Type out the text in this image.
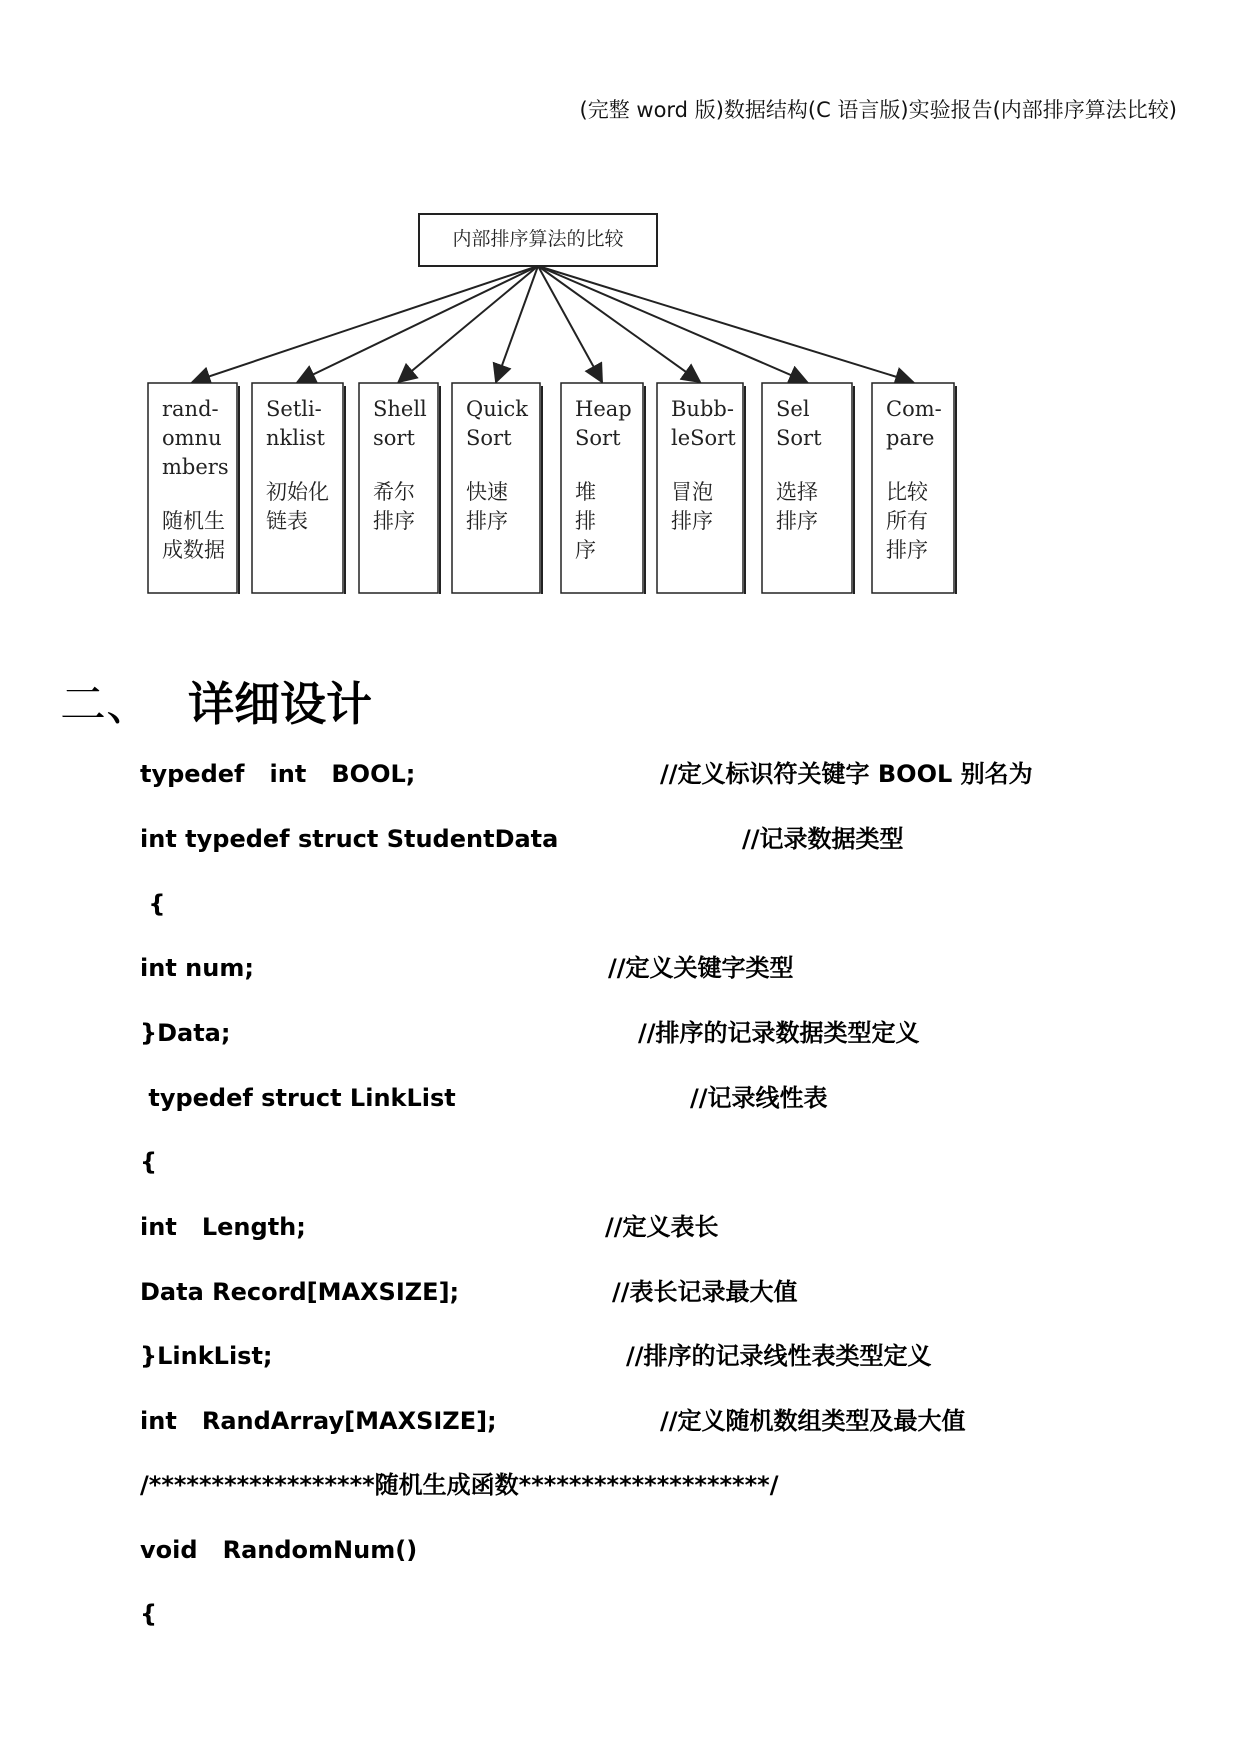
(完整 word 版)数据结构(C 语言版)实验报告(内部排序算法比较)
内部排序算法的比较
rand-
omnu
mbers
随机生
成数据
Setli-
nklist
初始化
链表
Shell
sort
希尔
排序
Quick
Sort
快速
排序
Heap
Sort
堆
排
序
Bubb-
leSort
冒泡
排序
Sel
Sort
选择
排序
Com-
pare
比较
所有
排序
二、 详细设计
typedef   int   BOOL;	//定义标识符关键字 BOOL 别名为
int typedef struct StudentData	//记录数据类型
{
int num;	//定义关键字类型
}Data;	//排序的记录数据类型定义
typedef struct LinkList	//记录线性表
{
int   Length;	//定义表长
Data Record[MAXSIZE];	//表长记录最大值
}LinkList;	//排序的记录线性表类型定义
int   RandArray[MAXSIZE];	//定义随机数组类型及最大值
/******************随机生成函数********************/
void   RandomNum()
{
